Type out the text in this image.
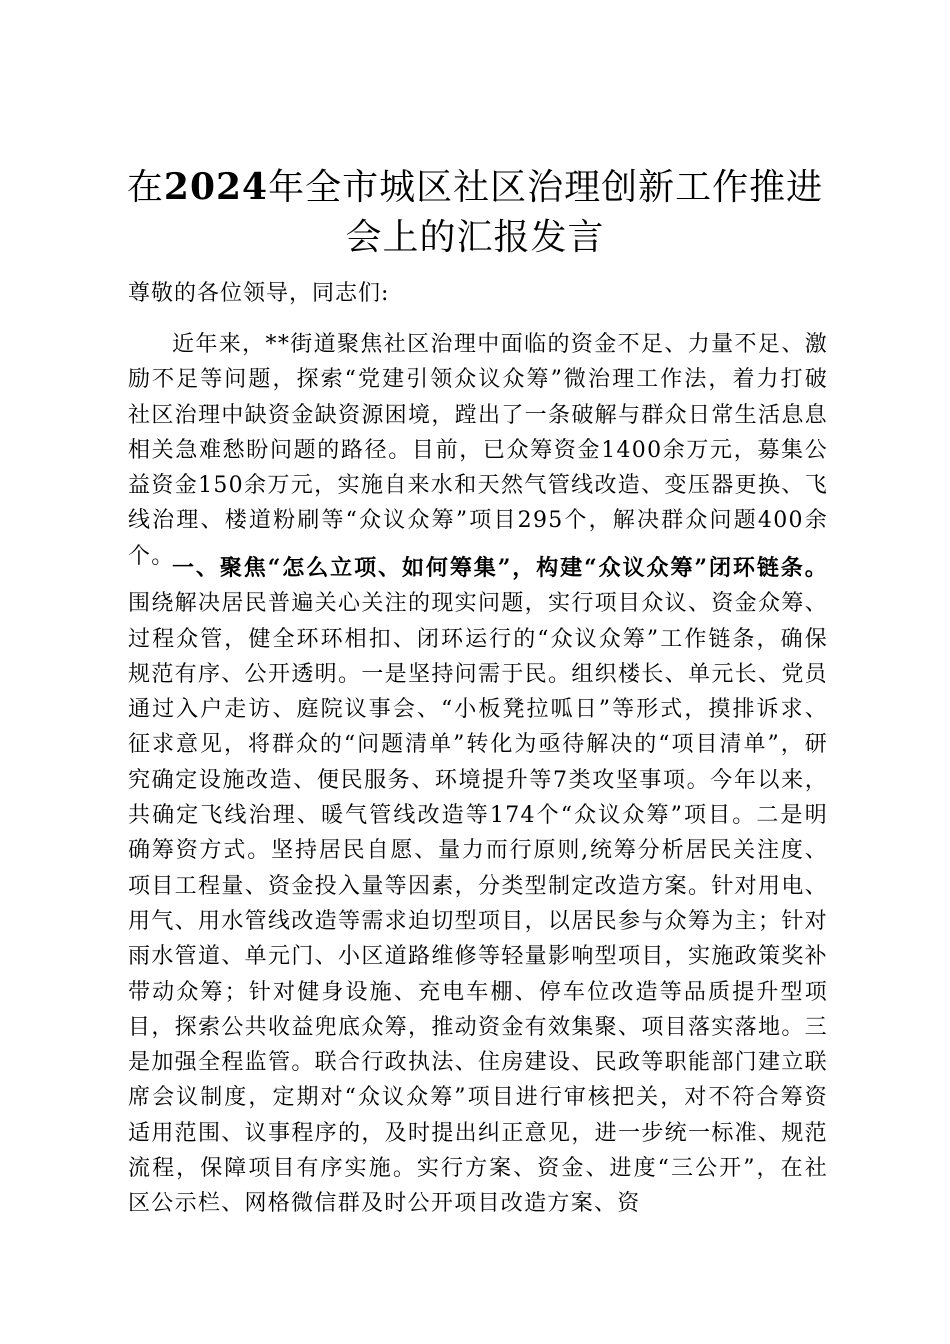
在2024年全市城区社区治理创新工作推进会上的汇报发言

尊敬的各位领导，同志们:

近年来，**街道聚焦社区治理中面临的资金不足、力量不足、激励不足等问题，探索“党建引领众议众筹”微治理工作法，着力打破社区治理中缺资金缺资源困境，蹚出了一条破解与群众日常生活息息相关急难愁盼问题的路径。目前，已众筹资金1400余万元，募集公益资金150余万元，实施自来水和天然气管线改造、变压器更换、飞线治理、楼道粉刷等“众议众筹”项目295个，解决群众问题400余个。

一、聚焦“怎么立项、如何筹集”，构建“众议众筹”闭环链条。围绕解决居民普遍关心关注的现实问题，实行项目众议、资金众筹、过程众管，健全环环相扣、闭环运行的“众议众筹”工作链条，确保规范有序、公开透明。一是坚持问需于民。组织楼长、单元长、党员通过入户走访、庭院议事会、“小板凳拉呱日”等形式，摸排诉求、征求意见，将群众的“问题清单”转化为亟待解决的“项目清单”，研究确定设施改造、便民服务、环境提升等7类攻坚事项。今年以来，共确定飞线治理、暖气管线改造等174个“众议众筹”项目。二是明确筹资方式。坚持居民自愿、量力而行原则,统筹分析居民关注度、项目工程量、资金投入量等因素，分类型制定改造方案。针对用电、用气、用水管线改造等需求迫切型项目，以居民参与众筹为主；针对雨水管道、单元门、小区道路维修等轻量影响型项目，实施政策奖补带动众筹；针对健身设施、充电车棚、停车位改造等品质提升型项目，探索公共收益兜底众筹，推动资金有效集聚、项目落实落地。三是加强全程监管。联合行政执法、住房建设、民政等职能部门建立联席会议制度，定期对“众议众筹”项目进行审核把关，对不符合筹资适用范围、议事程序的，及时提出纠正意见，进一步统一标准、规范流程，保障项目有序实施。实行方案、资金、进度“三公开”，在社区公示栏、网格微信群及时公开项目改造方案、资
